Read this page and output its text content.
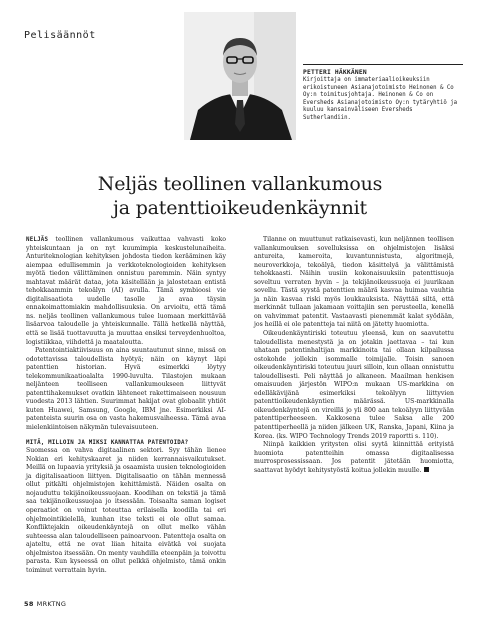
Pelisäännöt
PETTERI HÄKKÄNEN
Kirjoittaja on immateriaalioikeuksiin erikoistuneen Asianajotoimisto Heinonen & Co Oy:n toimitusjohtaja. Heinonen & Co on Eversheds Asianajotoimisto Oy:n tytäryhtiö ja kuuluu kansainväliseen Eversheds Sutherlandiin.
Neljäs teollinen vallankumous
ja patenttioikeudenkäynnit

NELJÄS teollinen vallankumous vaikuttaa vahvasti koko yhteiskuntaan ja on nyt kuumimpia keskustelunaiheita. Anturiteknologian kehityksen johdosta tiedon kerääminen käy aiempaa edullisemmin ja verkkoteknologioiden kehityksen myötä tiedon välittäminen onnistuu paremmin. Näin syntyy mahtavat määrät dataa, jota käsitellään ja jalostetaan entistä tehokkaammin tekoälyn (AI) avulla. Tämä symbioosi vie digitalisaatiota uudelle tasolle ja avaa täysin ennakoimattomiakin mahdollisuuksia. On arvioitu, että tämä ns. neljäs teollinen vallankumous tulee luomaan merkittävää lisäarvoa taloudelle ja yhteiskunnalle. Tällä hetkellä näyttää, että se lisää tuottavuutta ja muuttaa ensiksi terveydenhuoltoa, logistiikkaa, viihdettä ja maataloutta.

Patentointiaktiivisuus on aina suuntautunut sinne, missä on odotettavissa taloudellista hyötyä; näin on käynyt läpi patenttien historian. Hyvä esimerkki löytyy telekommunikaatioalalta 1990-luvulta. Tilastojen mukaan neljänteen teolliseen vallankumoukseen liittyvät patenttihakemukset ovatkin lähteneet rakettimaiseen nousuun vuodesta 2013 lähtien. Suurimmat hakijat ovat globaalit yhtiöt kuten Huawei, Samsung, Google, IBM jne. Esimerkiksi AI-patenteista suurin osa on vasta hakemusvaiheessa. Tämä avaa mielenkiintoisen näkymän tulevaisuuteen.

MITÄ, MILLOIN JA MIKSI KANNATTAA PATENTOIDA?

Suomessa on vahva digitaalinen sektori. Syy tähän lienee Nokian eri kehityskaaret ja niiden kerrannaisvaikutukset. Meillä on lupaavia yrityksiä ja osaamista uusien teknologioiden ja digitalisaatioon liittyen. Digitalisaatio on tähän mennessä ollut pitkälti ohjelmistojen kehittämistä. Näiden osalta on nojauduttu tekijänoikeussuojaan. Koodihan on tekstiä ja tämä saa tekijänoikeussuojaa jo itsessään. Toisaalta saman logiset operaatiot on voinut toteuttaa erilaisella koodilla tai eri ohjelmointikielellä, kunhan itse teksti ei ole ollut samaa. Konfliktejakin oikeudenkäyntejä on ollut melko vähän suhteessa alan taloudelliseen painoarvoon. Patentteja osalta on ajateltu, että ne ovat liian hitaita eivätkä voi suojata ohjelmistoa itsessään. On menty vauhdilla eteenpäin ja toivottu parasta. Kun kyseessä on ollut pelkkä ohjelmisto, tämä onkin toiminut verrattain hyvin.

Tilanne on muuttunut ratkaisevasti, kun neljännen teollisen vallankumouksen sovelluksissa on ohjelmistojen lisäksi antureita, kameroita, kuvantunnistusta, algoritmejä, neuroverkkoja, tekoälyä, tiedon käsittelyä ja välittämistä tehokkaasti. Näihin uusiin kokonaisuuksiin patenttisuoja soveltuu verraten hyvin – ja tekijänoikeussuoja ei juurikaan sovellu. Tästä syystä patenttien määrä kasvaa huimaa vauhtia ja näin kasvaa riski myös loukkauksista. Näyttää siltä, että merkinnät tullaan jakamaan voittajiin sen perusteella, kenellä on vahvimmat patentit. Vastaavasti pienemmät kalat syödään, jos heillä ei ole patentteja tai niitä on jätetty huomiotta.

Oikeudenkäyntiriski toteutuu yleensä, kun on saavutettu taloudellista menestystä ja on jotakin jaettavaa – tai kun uhataan patentinhaltijan markkinoita tai ollaan kilpailussa ostokohde jollekin isommalle toimijalle. Toisin sanoen oikeudenkäyntiriski toteutuu juuri silloin, kun ollaan onnistuttu taloudellisesti. Peli näyttää jo alkaneen. Maailman henkisen omaisuuden järjestön WIPO:n mukaan US-markkina on edelläkävijänä esimerkiksi tekoälyyn liittyvien patenttioikeudenkäyntien määrässä. US-markkinalla oikeudenkäyntejä on vireillä jo yli 800 aan tekoälyyn liittyvään patenttiperheeseen. Kakkosena tulee Saksa alle 200 patenttiperheellä ja niiden jälkeen UK, Ranska, Japani, Kiina ja Korea. (ks. WIPO Technology Trends 2019 raportti s. 110).

Niinpä kaikkien yritysten olisi syytä kiinnittää erityistä huomiota patentteihin omassa digitaalisessa murrosprosessissaan. Jos patentit jätetään huomiotta, saattavat hyödyt kehitystyöstä koitua jollekin muulle.

58 MRKTNG
